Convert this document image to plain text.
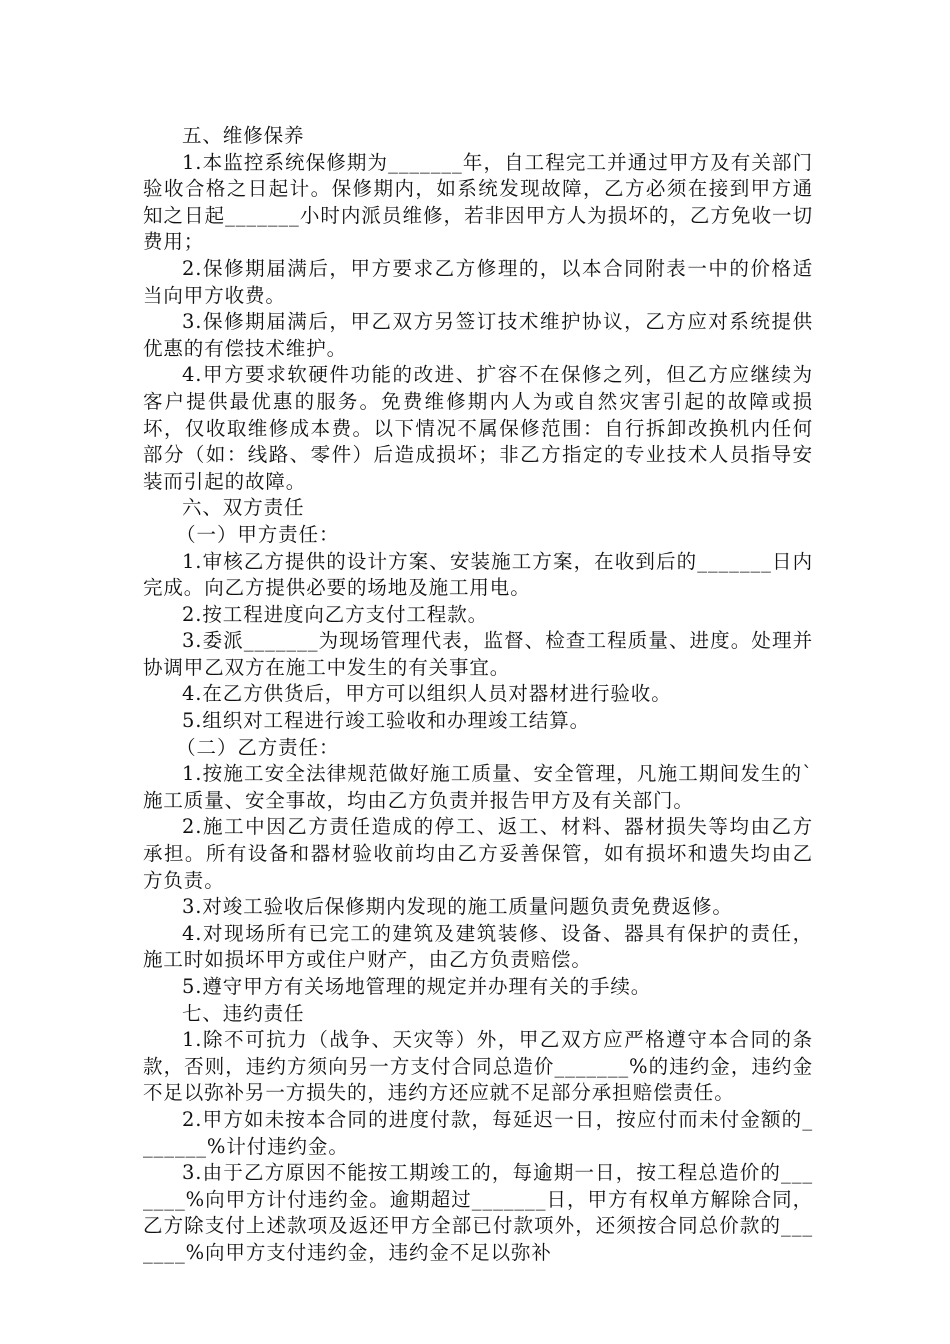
五、维修保养
1.本监控系统保修期为_______年，自工程完工并通过甲方及有关部门验收合格之日起计。保修期内，如系统发现故障，乙方必须在接到甲方通知之日起_______小时内派员维修，若非因甲方人为损坏的，乙方免收一切费用；
2.保修期届满后，甲方要求乙方修理的，以本合同附表一中的价格适当向甲方收费。
3.保修期届满后，甲乙双方另签订技术维护协议，乙方应对系统提供优惠的有偿技术维护。
4.甲方要求软硬件功能的改进、扩容不在保修之列，但乙方应继续为客户提供最优惠的服务。免费维修期内人为或自然灾害引起的故障或损坏，仅收取维修成本费。以下情况不属保修范围：自行拆卸改换机内任何部分（如：线路、零件）后造成损坏；非乙方指定的专业技术人员指导安装而引起的故障。
六、双方责任
（一）甲方责任：
1.审核乙方提供的设计方案、安装施工方案，在收到后的_______日内完成。向乙方提供必要的场地及施工用电。
2.按工程进度向乙方支付工程款。
3.委派_______为现场管理代表，监督、检查工程质量、进度。处理并协调甲乙双方在施工中发生的有关事宜。
4.在乙方供货后，甲方可以组织人员对器材进行验收。
5.组织对工程进行竣工验收和办理竣工结算。
（二）乙方责任：
1.按施工安全法律规范做好施工质量、安全管理，凡施工期间发生的`施工质量、安全事故，均由乙方负责并报告甲方及有关部门。
2.施工中因乙方责任造成的停工、返工、材料、器材损失等均由乙方承担。所有设备和器材验收前均由乙方妥善保管，如有损坏和遗失均由乙方负责。
3.对竣工验收后保修期内发现的施工质量问题负责免费返修。
4.对现场所有已完工的建筑及建筑装修、设备、器具有保护的责任，施工时如损坏甲方或住户财产，由乙方负责赔偿。
5.遵守甲方有关场地管理的规定并办理有关的手续。
七、违约责任
1.除不可抗力（战争、天灾等）外，甲乙双方应严格遵守本合同的条款，否则，违约方须向另一方支付合同总造价_______%的违约金，违约金不足以弥补另一方损失的，违约方还应就不足部分承担赔偿责任。
2.甲方如未按本合同的进度付款，每延迟一日，按应付而未付金额的_______%计付违约金。
3.由于乙方原因不能按工期竣工的，每逾期一日，按工程总造价的_______%向甲方计付违约金。逾期超过_______日，甲方有权单方解除合同，乙方除支付上述款项及返还甲方全部已付款项外，还须按合同总价款的_______%向甲方支付违约金，违约金不足以弥补
